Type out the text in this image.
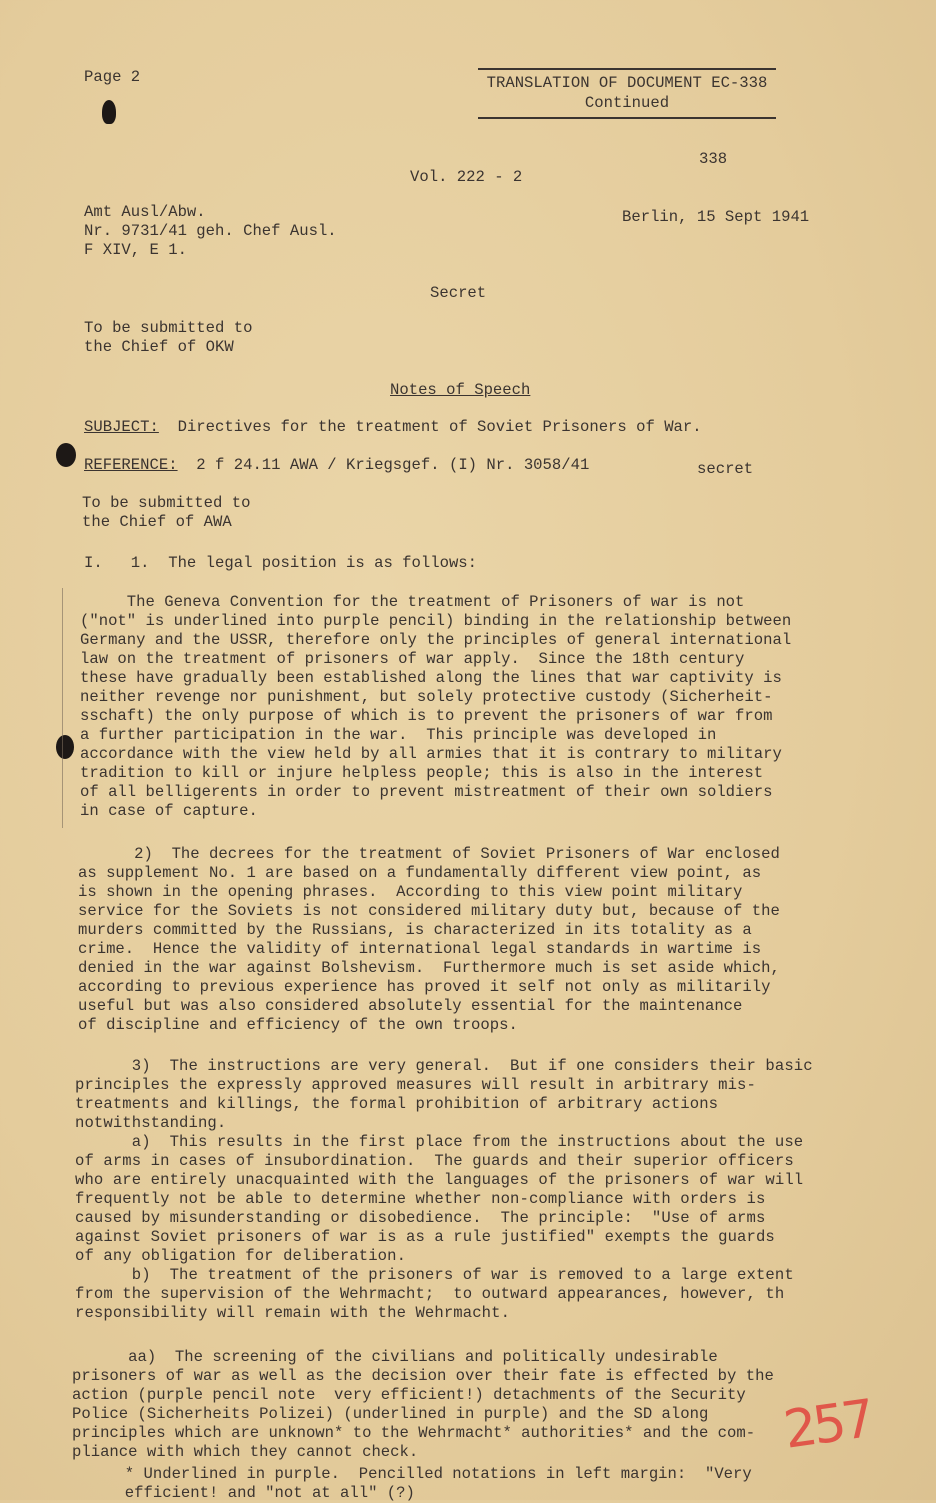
Page 2	TRANSLATION OF DOCUMENT EC-338
Continued
338
Vol. 222 - 2
Amt Ausl/Abw.
Nr. 9731/41 geh. Chef Ausl.
F XIV, E 1.
Berlin, 15 Sept 1941
Secret
To be submitted to
the Chief of OKW
Notes of Speech
SUBJECT: Directives for the treatment of Soviet Prisoners of War.
REFERENCE: 2 f 24.11 AWA / Kriegsgef. (I) Nr. 3058/41	secret
To be submitted to
the Chief of AWA
I.   1.  The legal position is as follows:
The Geneva Convention for the treatment of Prisoners of war is not
("not" is underlined into purple pencil) binding in the relationship between
Germany and the USSR, therefore only the principles of general international
law on the treatment of prisoners of war apply.  Since the 18th century
these have gradually been established along the lines that war captivity is
neither revenge nor punishment, but solely protective custody (Sicherheit-
sschaft) the only purpose of which is to prevent the prisoners of war from
a further participation in the war.  This principle was developed in
accordance with the view held by all armies that it is contrary to military
tradition to kill or injure helpless people; this is also in the interest
of all belligerents in order to prevent mistreatment of their own soldiers
in case of capture.
2)  The decrees for the treatment of Soviet Prisoners of War enclosed
as supplement No. 1 are based on a fundamentally different view point, as
is shown in the opening phrases.  According to this view point military
service for the Soviets is not considered military duty but, because of the
murders committed by the Russians, is characterized in its totality as a
crime.  Hence the validity of international legal standards in wartime is
denied in the war against Bolshevism.  Furthermore much is set aside which,
according to previous experience has proved it self not only as militarily
useful but was also considered absolutely essential for the maintenance
of discipline and efficiency of the own troops.
3)  The instructions are very general.  But if one considers their basic
principles the expressly approved measures will result in arbitrary mis-
treatments and killings, the formal prohibition of arbitrary actions
notwithstanding.
a)  This results in the first place from the instructions about the use
of arms in cases of insubordination.  The guards and their superior officers
who are entirely unacquainted with the languages of the prisoners of war will
frequently not be able to determine whether non-compliance with orders is
caused by misunderstanding or disobedience.  The principle:  "Use of arms
against Soviet prisoners of war is as a rule justified" exempts the guards
of any obligation for deliberation.
b)  The treatment of the prisoners of war is removed to a large extent
from the supervision of the Wehrmacht;  to outward appearances, however, th
responsibility will remain with the Wehrmacht.
aa)  The screening of the civilians and politically undesirable
prisoners of war as well as the decision over their fate is effected by the
action (purple pencil note  very efficient!) detachments of the Security
Police (Sicherheits Polizei) (underlined in purple) and the SD along
principles which are unknown* to the Wehrmacht* authorities* and the com-
pliance with which they cannot check.
* Underlined in purple.  Pencilled notations in left margin:  "Very
efficient! and "not at all" (?)
257
